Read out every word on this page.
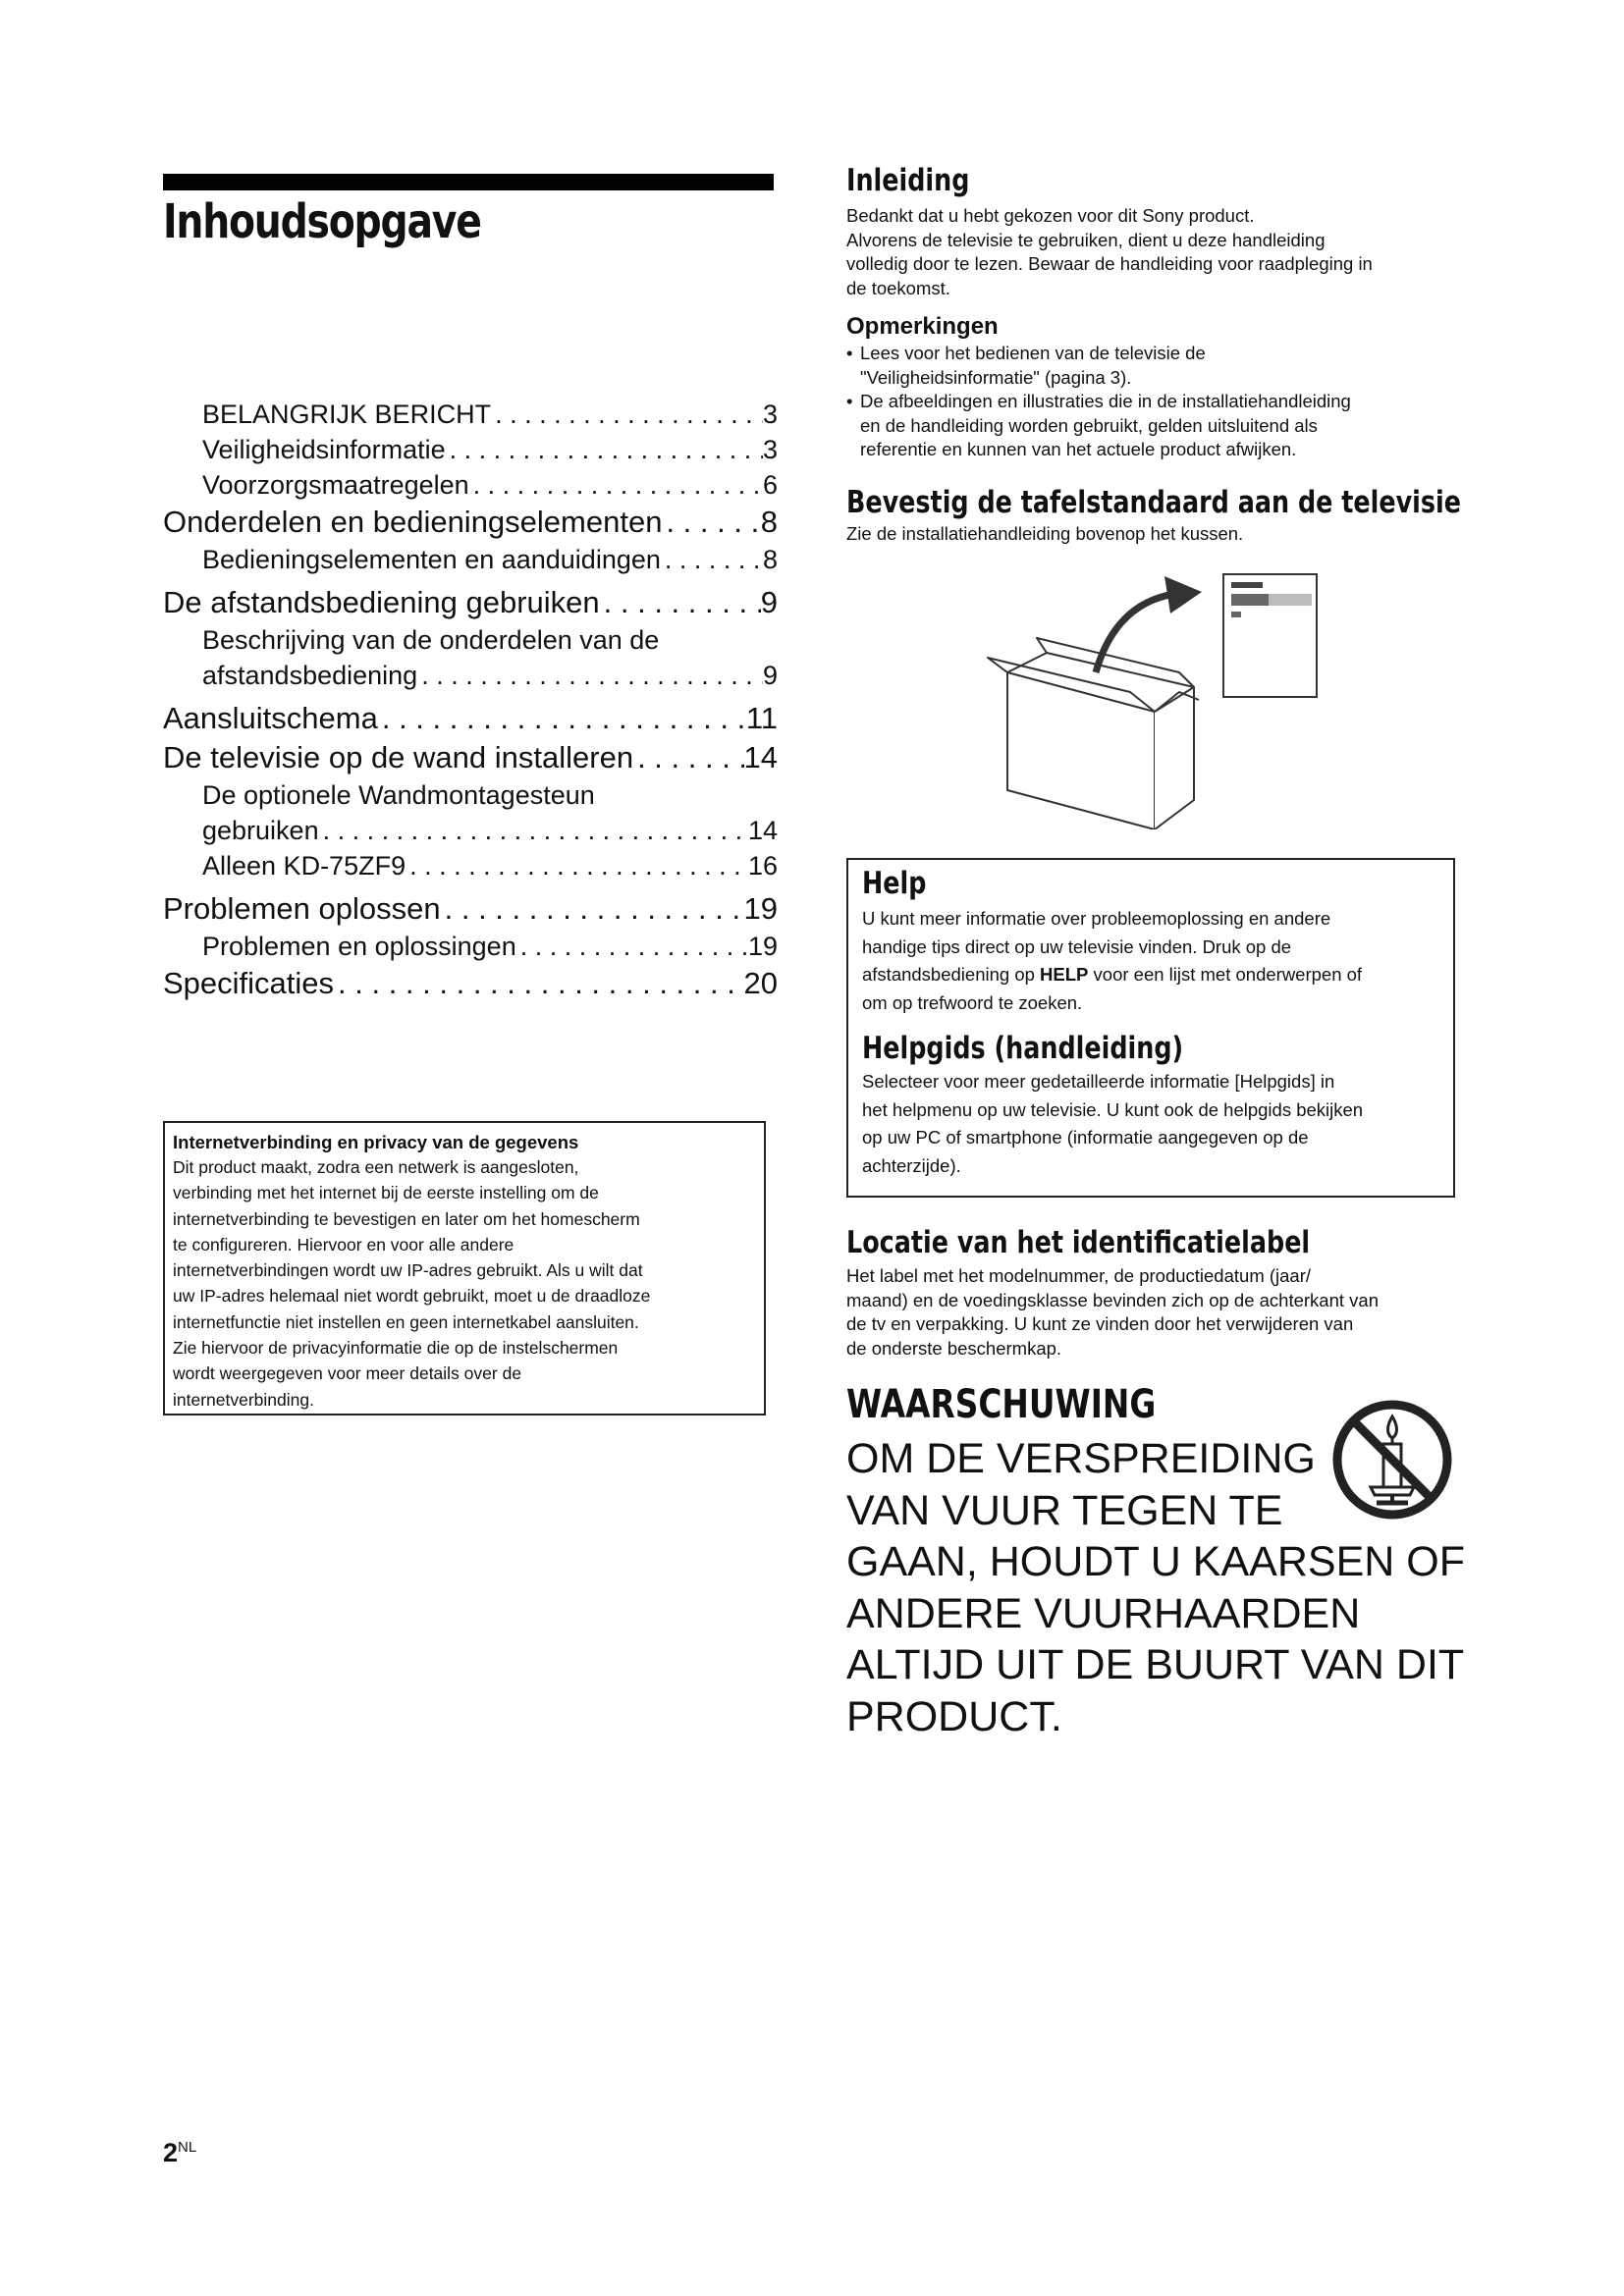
Inhoudsopgave
BELANGRIJK BERICHT . . .	3
Veiligheidsinformatie . . .	3
Voorzorgsmaatregelen . . .	6
Onderdelen en bedieningselementen . . .	8
Bedieningselementen en aanduidingen . . .	8
De afstandsbediening gebruiken . . .	9
Beschrijving van de onderdelen van de
afstandsbediening . . .	9
Aansluitschema . . .	11
De televisie op de wand installeren . . .	14
De optionele Wandmontagesteun
gebruiken . . .	14
Alleen KD-75ZF9 . . .	16
Problemen oplossen . . .	19
Problemen en oplossingen . . .	19
Specificaties . . .	20
Internetverbinding en privacy van de gegevens

Dit product maakt, zodra een netwerk is aangesloten,

verbinding met het internet bij de eerste instelling om de

internetverbinding te bevestigen en later om het homescherm

te configureren. Hiervoor en voor alle andere

internetverbindingen wordt uw IP-adres gebruikt. Als u wilt dat

uw IP-adres helemaal niet wordt gebruikt, moet u de draadloze

internetfunctie niet instellen en geen internetkabel aansluiten.

Zie hiervoor de privacyinformatie die op de instelschermen

wordt weergegeven voor meer details over de

internetverbinding.

$2^{NL}$
Inleiding

Bedankt dat u hebt gekozen voor dit Sony product.

Alvorens de televisie te gebruiken, dient u deze handleiding

volledig door te lezen. Bewaar de handleiding voor raadpleging in

de toekomst.

Opmerkingen
• Lees voor het bedienen van de televisie de
"Veiligheidsinformatie" (pagina 3).
• De afbeeldingen en illustraties die in de installatiehandleiding
en de handleiding worden gebruikt, gelden uitsluitend als
referentie en kunnen van het actuele product afwijken.
Bevestig de tafelstandaard aan de televisie

Zie de installatiehandleiding bovenop het kussen.

Help

U kunt meer informatie over probleemoplossing en andere

handige tips direct op uw televisie vinden. Druk op de

afstandsbediening op HELP voor een lijst met onderwerpen of

om op trefwoord te zoeken.

Helpgids (handleiding)

Selecteer voor meer gedetailleerde informatie [Helpgids] in

het helpmenu op uw televisie. U kunt ook de helpgids bekijken

op uw PC of smartphone (informatie aangegeven op de

achterzijde).

Locatie van het identificatielabel

Het label met het modelnummer, de productiedatum (jaar/

maand) en de voedingsklasse bevinden zich op de achterkant van

de tv en verpakking. U kunt ze vinden door het verwijderen van

de onderste beschermkap.

WAARSCHUWING
OM DE VERSPREIDING
VAN VUUR TEGEN TE
GAAN, HOUDT U KAARSEN OF
ANDERE VUURHAARDEN
ALTIJD UIT DE BUURT VAN DIT
PRODUCT.
